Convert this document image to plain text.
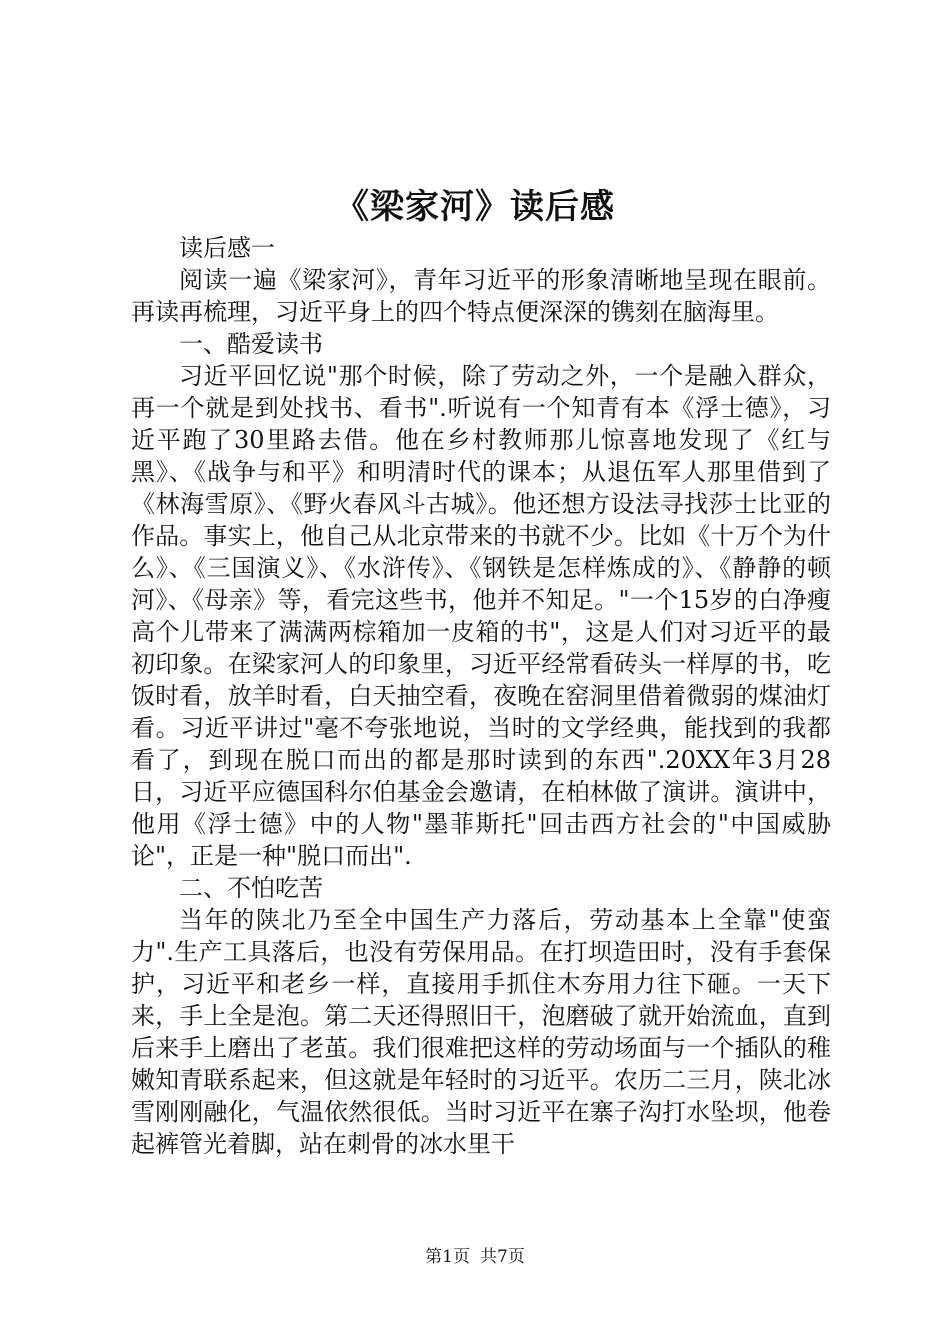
《梁家河》读后感

读后感一

阅读一遍《梁家河》，青年习近平的形象清晰地呈现在眼前。再读再梳理，习近平身上的四个特点便深深的镌刻在脑海里。

一、酷爱读书

习近平回忆说"那个时候，除了劳动之外，一个是融入群众，再一个就是到处找书、看书".听说有一个知青有本《浮士德》，习近平跑了30里路去借。他在乡村教师那儿惊喜地发现了《红与黑》、《战争与和平》和明清时代的课本；从退伍军人那里借到了《林海雪原》、《野火春风斗古城》。他还想方设法寻找莎士比亚的作品。事实上，他自己从北京带来的书就不少。比如《十万个为什么》、《三国演义》、《水浒传》、《钢铁是怎样炼成的》、《静静的顿河》、《母亲》等，看完这些书，他并不知足。"一个15岁的白净瘦高个儿带来了满满两棕箱加一皮箱的书"，这是人们对习近平的最初印象。在梁家河人的印象里，习近平经常看砖头一样厚的书，吃饭时看，放羊时看，白天抽空看，夜晚在窑洞里借着微弱的煤油灯看。习近平讲过"毫不夸张地说，当时的文学经典，能找到的我都看了，到现在脱口而出的都是那时读到的东西".20XX年3月28日，习近平应德国科尔伯基金会邀请，在柏林做了演讲。演讲中，他用《浮士德》中的人物"墨菲斯托"回击西方社会的"中国威胁论"，正是一种"脱口而出".

二、不怕吃苦

当年的陕北乃至全中国生产力落后，劳动基本上全靠"使蛮力".生产工具落后，也没有劳保用品。在打坝造田时，没有手套保护，习近平和老乡一样，直接用手抓住木夯用力往下砸。一天下来，手上全是泡。第二天还得照旧干，泡磨破了就开始流血，直到后来手上磨出了老茧。我们很难把这样的劳动场面与一个插队的稚嫩知青联系起来，但这就是年轻时的习近平。农历二三月，陕北冰雪刚刚融化，气温依然很低。当时习近平在寨子沟打水坠坝，他卷起裤管光着脚，站在刺骨的冰水里干

第1页 共7页
